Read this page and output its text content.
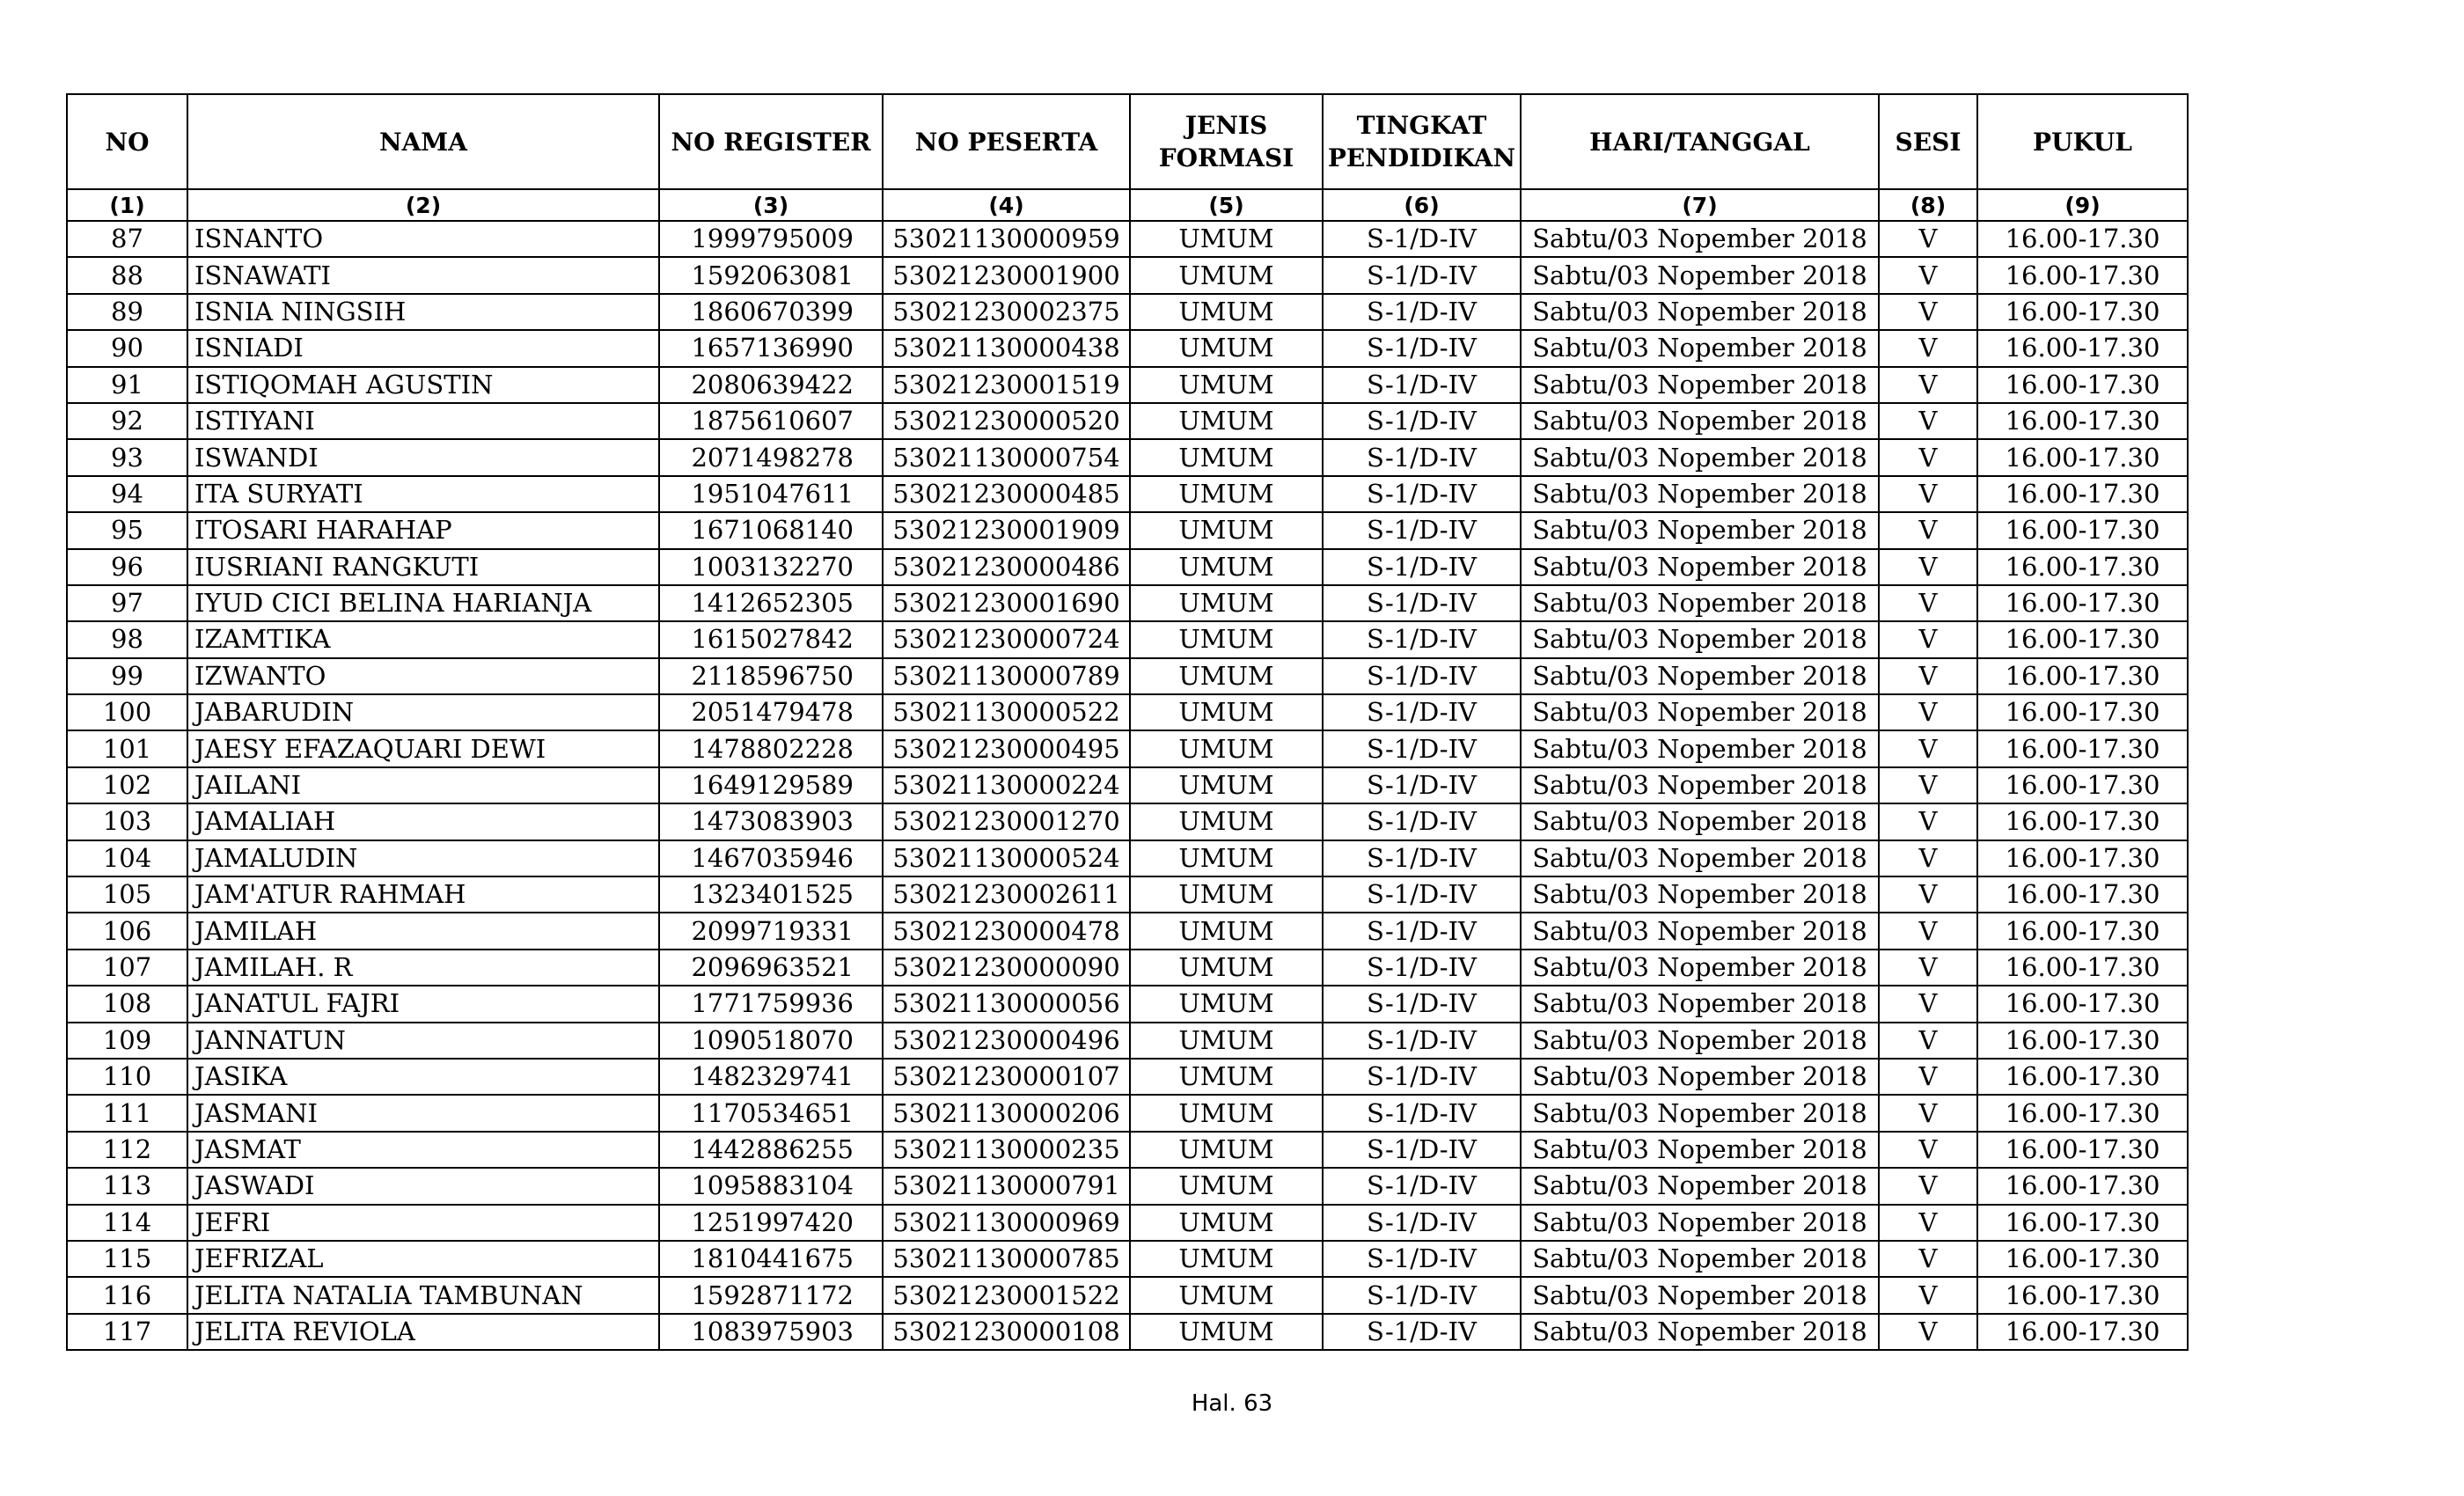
NO	NAMA	NO REGISTER	NO PESERTA	JENIS FORMASI	TINGKAT PENDIDIKAN	HARI/TANGGAL	SESI	PUKUL
(1)	(2)	(3)	(4)	(5)	(6)	(7)	(8)	(9)
87	ISNANTO	1999795009	53021130000959	UMUM	S-1/D-IV	Sabtu/03 Nopember 2018	V	16.00-17.30
88	ISNAWATI	1592063081	53021230001900	UMUM	S-1/D-IV	Sabtu/03 Nopember 2018	V	16.00-17.30
89	ISNIA NINGSIH	1860670399	53021230002375	UMUM	S-1/D-IV	Sabtu/03 Nopember 2018	V	16.00-17.30
90	ISNIADI	1657136990	53021130000438	UMUM	S-1/D-IV	Sabtu/03 Nopember 2018	V	16.00-17.30
91	ISTIQOMAH AGUSTIN	2080639422	53021230001519	UMUM	S-1/D-IV	Sabtu/03 Nopember 2018	V	16.00-17.30
92	ISTIYANI	1875610607	53021230000520	UMUM	S-1/D-IV	Sabtu/03 Nopember 2018	V	16.00-17.30
93	ISWANDI	2071498278	53021130000754	UMUM	S-1/D-IV	Sabtu/03 Nopember 2018	V	16.00-17.30
94	ITA SURYATI	1951047611	53021230000485	UMUM	S-1/D-IV	Sabtu/03 Nopember 2018	V	16.00-17.30
95	ITOSARI HARAHAP	1671068140	53021230001909	UMUM	S-1/D-IV	Sabtu/03 Nopember 2018	V	16.00-17.30
96	IUSRIANI RANGKUTI	1003132270	53021230000486	UMUM	S-1/D-IV	Sabtu/03 Nopember 2018	V	16.00-17.30
97	IYUD CICI BELINA HARIANJA	1412652305	53021230001690	UMUM	S-1/D-IV	Sabtu/03 Nopember 2018	V	16.00-17.30
98	IZAMTIKA	1615027842	53021230000724	UMUM	S-1/D-IV	Sabtu/03 Nopember 2018	V	16.00-17.30
99	IZWANTO	2118596750	53021130000789	UMUM	S-1/D-IV	Sabtu/03 Nopember 2018	V	16.00-17.30
100	JABARUDIN	2051479478	53021130000522	UMUM	S-1/D-IV	Sabtu/03 Nopember 2018	V	16.00-17.30
101	JAESY EFAZAQUARI DEWI	1478802228	53021230000495	UMUM	S-1/D-IV	Sabtu/03 Nopember 2018	V	16.00-17.30
102	JAILANI	1649129589	53021130000224	UMUM	S-1/D-IV	Sabtu/03 Nopember 2018	V	16.00-17.30
103	JAMALIAH	1473083903	53021230001270	UMUM	S-1/D-IV	Sabtu/03 Nopember 2018	V	16.00-17.30
104	JAMALUDIN	1467035946	53021130000524	UMUM	S-1/D-IV	Sabtu/03 Nopember 2018	V	16.00-17.30
105	JAM'ATUR RAHMAH	1323401525	53021230002611	UMUM	S-1/D-IV	Sabtu/03 Nopember 2018	V	16.00-17.30
106	JAMILAH	2099719331	53021230000478	UMUM	S-1/D-IV	Sabtu/03 Nopember 2018	V	16.00-17.30
107	JAMILAH. R	2096963521	53021230000090	UMUM	S-1/D-IV	Sabtu/03 Nopember 2018	V	16.00-17.30
108	JANATUL FAJRI	1771759936	53021130000056	UMUM	S-1/D-IV	Sabtu/03 Nopember 2018	V	16.00-17.30
109	JANNATUN	1090518070	53021230000496	UMUM	S-1/D-IV	Sabtu/03 Nopember 2018	V	16.00-17.30
110	JASIKA	1482329741	53021230000107	UMUM	S-1/D-IV	Sabtu/03 Nopember 2018	V	16.00-17.30
111	JASMANI	1170534651	53021130000206	UMUM	S-1/D-IV	Sabtu/03 Nopember 2018	V	16.00-17.30
112	JASMAT	1442886255	53021130000235	UMUM	S-1/D-IV	Sabtu/03 Nopember 2018	V	16.00-17.30
113	JASWADI	1095883104	53021130000791	UMUM	S-1/D-IV	Sabtu/03 Nopember 2018	V	16.00-17.30
114	JEFRI	1251997420	53021130000969	UMUM	S-1/D-IV	Sabtu/03 Nopember 2018	V	16.00-17.30
115	JEFRIZAL	1810441675	53021130000785	UMUM	S-1/D-IV	Sabtu/03 Nopember 2018	V	16.00-17.30
116	JELITA NATALIA TAMBUNAN	1592871172	53021230001522	UMUM	S-1/D-IV	Sabtu/03 Nopember 2018	V	16.00-17.30
117	JELITA REVIOLA	1083975903	53021230000108	UMUM	S-1/D-IV	Sabtu/03 Nopember 2018	V	16.00-17.30
Hal. 63
